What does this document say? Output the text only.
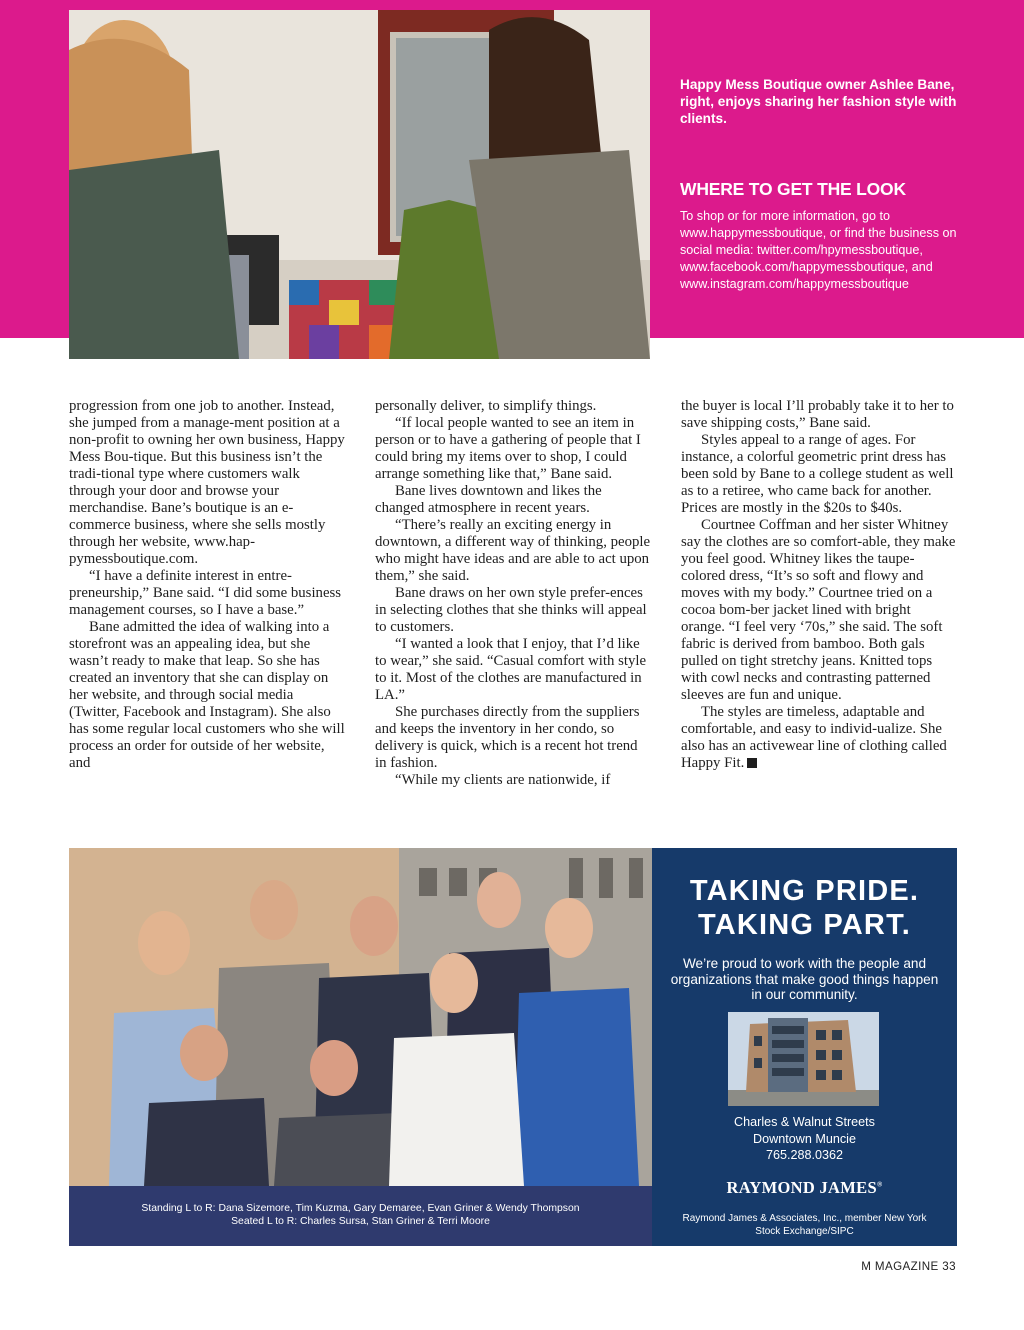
Happy Mess Boutique owner Ashlee Bane, right, enjoys sharing her fashion style with clients.

WHERE TO GET THE LOOK

To shop or for more information, go to www.happymessboutique, or find the business on social media: twitter.com/hpymessboutique, www.facebook.com/happymessboutique, and www.instagram.com/happymessboutique

progression from one job to another. Instead, she jumped from a manage-ment position at a non-profit to owning her own business, Happy Mess Bou-tique. But this business isn’t the tradi-tional type where customers walk through your door and browse your merchandise. Bane’s boutique is an e-commerce business, where she sells mostly through her website, www.hap-pymessboutique.com.

“I have a definite interest in entre-preneurship,” Bane said. “I did some business management courses, so I have a base.”

Bane admitted the idea of walking into a storefront was an appealing idea, but she wasn’t ready to make that leap. So she has created an inventory that she can display on her website, and through social media (Twitter, Facebook and Instagram). She also has some regular local customers who she will process an order for outside of her website, and

personally deliver, to simplify things.

“If local people wanted to see an item in person or to have a gathering of people that I could bring my items over to shop, I could arrange something like that,” Bane said.

Bane lives downtown and likes the changed atmosphere in recent years.

“There’s really an exciting energy in downtown, a different way of thinking, people who might have ideas and are able to act upon them,” she said.

Bane draws on her own style prefer-ences in selecting clothes that she thinks will appeal to customers.

“I wanted a look that I enjoy, that I’d like to wear,” she said. “Casual comfort with style to it. Most of the clothes are manufactured in LA.”

She purchases directly from the suppliers and keeps the inventory in her condo, so delivery is quick, which is a recent hot trend in fashion.

“While my clients are nationwide, if

the buyer is local I’ll probably take it to her to save shipping costs,” Bane said.

Styles appeal to a range of ages. For instance, a colorful geometric print dress has been sold by Bane to a college student as well as to a retiree, who came back for another. Prices are mostly in the $20s to $40s.

Courtnee Coffman and her sister Whitney say the clothes are so comfort-able, they make you feel good. Whitney likes the taupe-colored dress, “It’s so soft and flowy and moves with my body.” Courtnee tried on a cocoa bom-ber jacket lined with bright orange. “I feel very ‘70s,” she said. The soft fabric is derived from bamboo. Both gals pulled on tight stretchy jeans. Knitted tops with cowl necks and contrasting patterned sleeves are fun and unique.

The styles are timeless, adaptable and comfortable, and easy to individ-ualize. She also has an activewear line of clothing called Happy Fit.

Standing L to R: Dana Sizemore, Tim Kuzma, Gary Demaree, Evan Griner & Wendy Thompson

Seated L to R: Charles Sursa, Stan Griner & Terri Moore

TAKING PRIDE.
TAKING PART.

We’re proud to work with the people and organizations that make good things happen in our community.

Charles & Walnut Streets

Downtown Muncie

765.288.0362

RAYMOND JAMES®
Raymond James & Associates, Inc., member New York Stock Exchange/SIPC
M MAGAZINE 33
